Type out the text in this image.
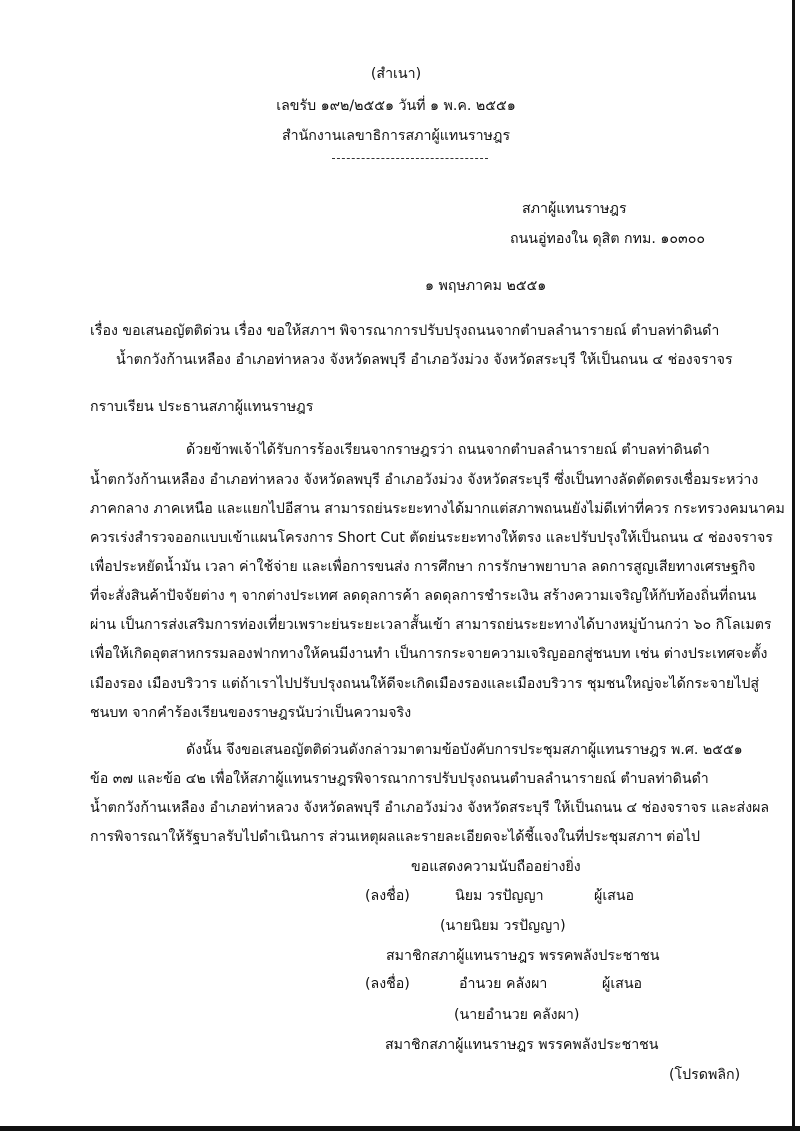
(สำเนา)
เลขรับ ๑๙๒/๒๕๕๑ วันที่ ๑ พ.ค. ๒๕๕๑
สำนักงานเลขาธิการสภาผู้แทนราษฎร
สภาผู้แทนราษฎร
ถนนอู่ทองใน ดุสิต กทม. ๑๐๓๐๐
๑ พฤษภาคม ๒๕๕๑
เรื่อง ขอเสนอญัตติด่วน เรื่อง ขอให้สภาฯ พิจารณาการปรับปรุงถนนจากตำบลลำนารายณ์ ตำบลท่าดินดำ
น้ำตกวังก้านเหลือง อำเภอท่าหลวง จังหวัดลพบุรี อำเภอวังม่วง จังหวัดสระบุรี ให้เป็นถนน ๔ ช่องจราจร
กราบเรียน ประธานสภาผู้แทนราษฎร
ด้วยข้าพเจ้าได้รับการร้องเรียนจากราษฎรว่า ถนนจากตำบลลำนารายณ์ ตำบลท่าดินดำ
น้ำตกวังก้านเหลือง อำเภอท่าหลวง จังหวัดลพบุรี อำเภอวังม่วง จังหวัดสระบุรี ซึ่งเป็นทางลัดตัดตรงเชื่อมระหว่าง
ภาคกลาง ภาคเหนือ และแยกไปอีสาน สามารถย่นระยะทางได้มากแต่สภาพถนนยังไม่ดีเท่าที่ควร กระทรวงคมนาคม
ควรเร่งสำรวจออกแบบเข้าแผนโครงการ Short Cut ตัดย่นระยะทางให้ตรง และปรับปรุงให้เป็นถนน ๔ ช่องจราจร
เพื่อประหยัดน้ำมัน เวลา ค่าใช้จ่าย และเพื่อการขนส่ง การศึกษา การรักษาพยาบาล ลดการสูญเสียทางเศรษฐกิจ
ที่จะสั่งสินค้าปัจจัยต่าง ๆ จากต่างประเทศ ลดดุลการค้า ลดดุลการชำระเงิน สร้างความเจริญให้กับท้องถิ่นที่ถนน
ผ่าน เป็นการส่งเสริมการท่องเที่ยวเพราะย่นระยะเวลาสั้นเข้า สามารถย่นระยะทางได้บางหมู่บ้านกว่า ๖๐ กิโลเมตร
เพื่อให้เกิดอุตสาหกรรมลองฟากทางให้คนมีงานทำ เป็นการกระจายความเจริญออกสู่ชนบท เช่น ต่างประเทศจะตั้ง
เมืองรอง เมืองบริวาร แต่ถ้าเราไปปรับปรุงถนนให้ดีจะเกิดเมืองรองและเมืองบริวาร ชุมชนใหญ่จะได้กระจายไปสู่
ชนบท จากคำร้องเรียนของราษฎรนับว่าเป็นความจริง
ดังนั้น จึงขอเสนอญัตติด่วนดังกล่าวมาตามข้อบังคับการประชุมสภาผู้แทนราษฎร พ.ศ. ๒๕๕๑
ข้อ ๓๗ และข้อ ๔๒ เพื่อให้สภาผู้แทนราษฎรพิจารณาการปรับปรุงถนนตำบลลำนารายณ์ ตำบลท่าดินดำ
น้ำตกวังก้านเหลือง อำเภอท่าหลวง จังหวัดลพบุรี อำเภอวังม่วง จังหวัดสระบุรี ให้เป็นถนน ๔ ช่องจราจร และส่งผล
การพิจารณาให้รัฐบาลรับไปดำเนินการ ส่วนเหตุผลและรายละเอียดจะได้ชี้แจงในที่ประชุมสภาฯ ต่อไป
ขอแสดงความนับถืออย่างยิ่ง
(ลงชื่อ)	นิยม วรปัญญา	ผู้เสนอ
(นายนิยม วรปัญญา)
สมาชิกสภาผู้แทนราษฎร พรรคพลังประชาชน
(ลงชื่อ)	อำนวย คลังผา	ผู้เสนอ
(นายอำนวย คลังผา)
สมาชิกสภาผู้แทนราษฎร พรรคพลังประชาชน
(โปรดพลิก)
